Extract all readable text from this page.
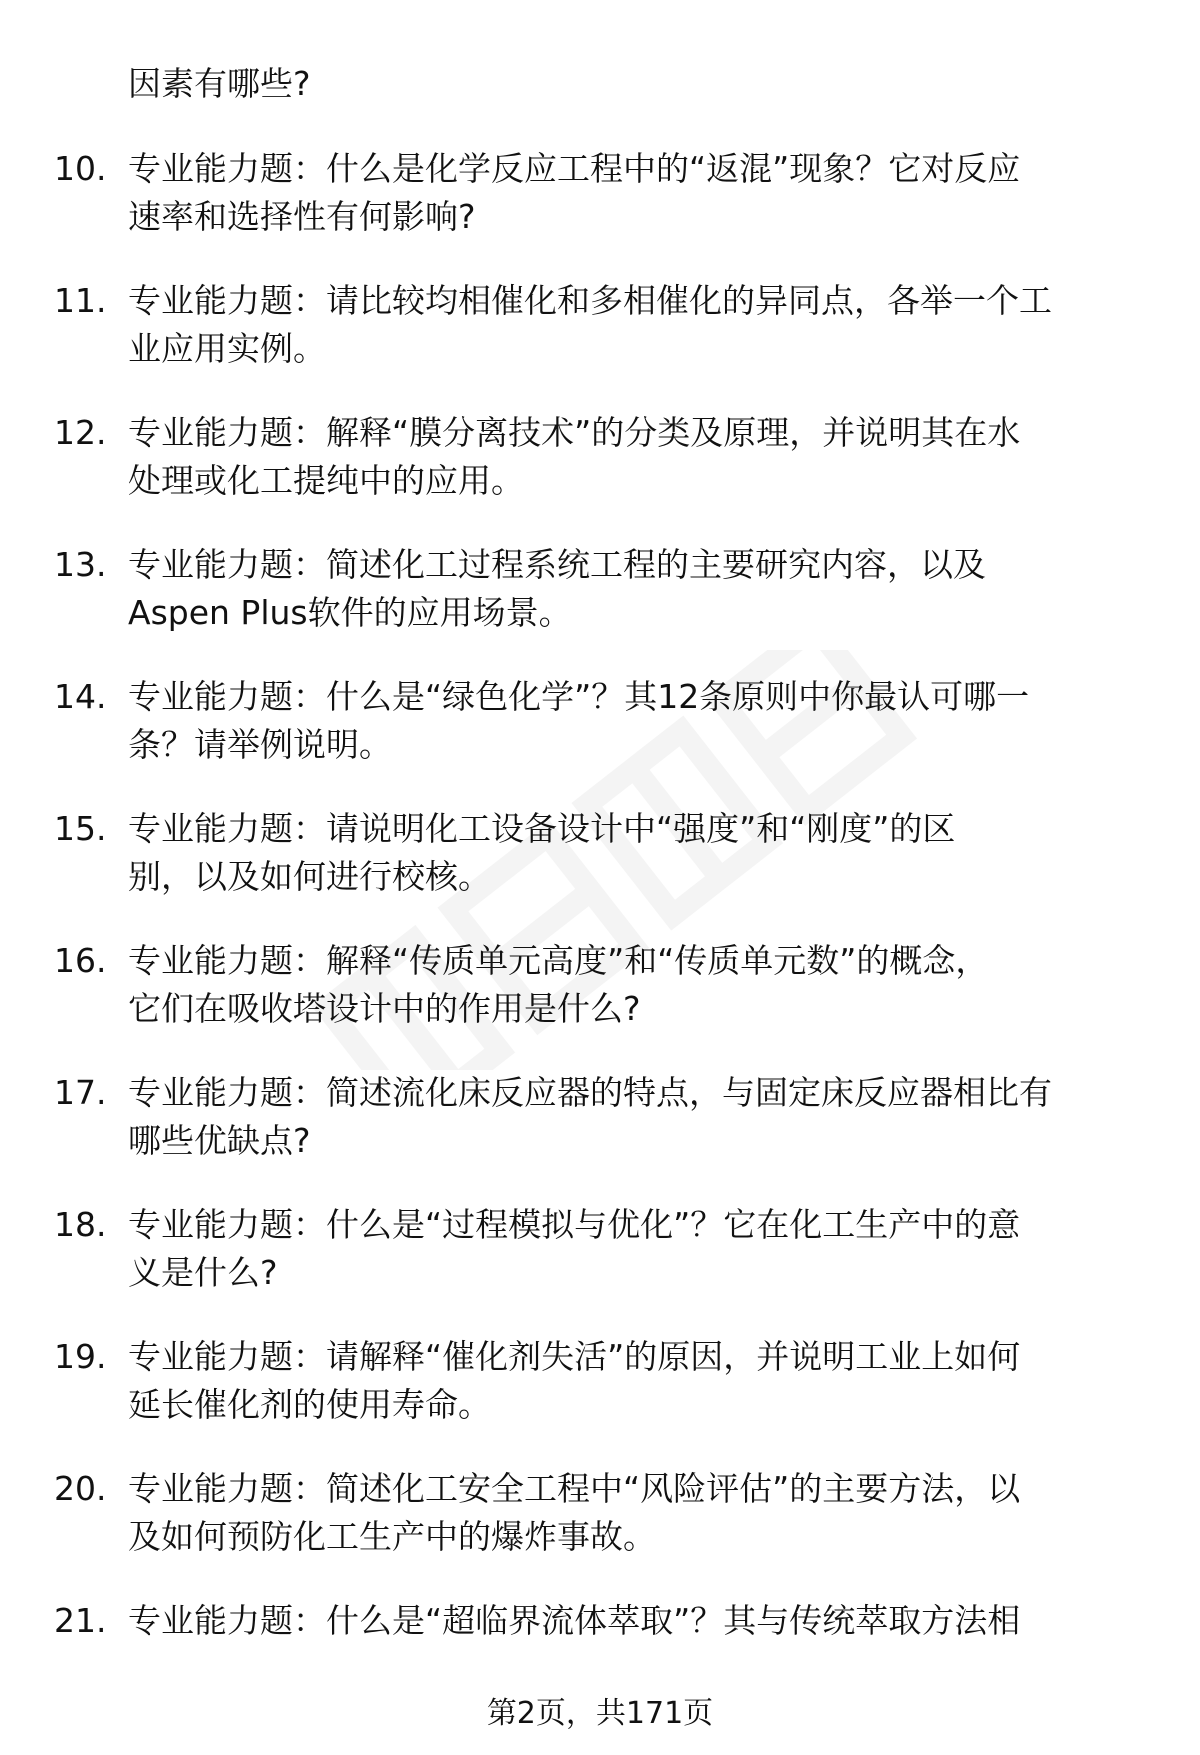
因素有哪些?
10. 专业能力题：什么是化学反应工程中的“返混”现象？它对反应
速率和选择性有何影响?
11. 专业能力题：请比较均相催化和多相催化的异同点，各举一个工
业应用实例。
12. 专业能力题：解释“膜分离技术”的分类及原理，并说明其在水
处理或化工提纯中的应用。
13. 专业能力题：简述化工过程系统工程的主要研究内容，以及
Aspen Plus软件的应用场景。
14. 专业能力题：什么是“绿色化学”？其12条原则中你最认可哪一
条？请举例说明。
15. 专业能力题：请说明化工设备设计中“强度”和“刚度”的区
别，以及如何进行校核。
16. 专业能力题：解释“传质单元高度”和“传质单元数”的概念，
它们在吸收塔设计中的作用是什么?
17. 专业能力题：简述流化床反应器的特点，与固定床反应器相比有
哪些优缺点?
18. 专业能力题：什么是“过程模拟与优化”？它在化工生产中的意
义是什么?
19. 专业能力题：请解释“催化剂失活”的原因，并说明工业上如何
延长催化剂的使用寿命。
20. 专业能力题：简述化工安全工程中“风险评估”的主要方法，以
及如何预防化工生产中的爆炸事故。
21. 专业能力题：什么是“超临界流体萃取”？其与传统萃取方法相
第2页，共171页
